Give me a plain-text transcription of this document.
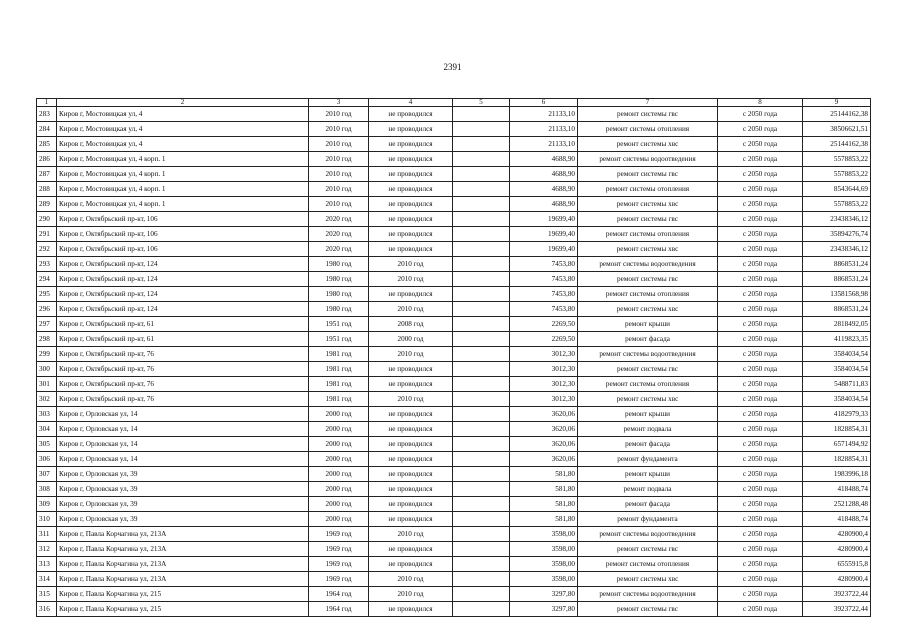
2391
1	2	3	4	5	6	7	8	9
283	Киров г, Мостовицкая ул, 4	2010 год	не проводился		21133,10	ремонт системы гвс	с 2050 года	25144162,38
284	Киров г, Мостовицкая ул, 4	2010 год	не проводился		21133,10	ремонт системы отопления	с 2050 года	38506621,51
285	Киров г, Мостовицкая ул, 4	2010 год	не проводился		21133,10	ремонт системы хвс	с 2050 года	25144162,38
286	Киров г, Мостовицкая ул, 4 корп. 1	2010 год	не проводился		4688,90	ремонт системы водоотведения	с 2050 года	5578853,22
287	Киров г, Мостовицкая ул, 4 корп. 1	2010 год	не проводился		4688,90	ремонт системы гвс	с 2050 года	5578853,22
288	Киров г, Мостовицкая ул, 4 корп. 1	2010 год	не проводился		4688,90	ремонт системы отопления	с 2050 года	8543644,69
289	Киров г, Мостовицкая ул, 4 корп. 1	2010 год	не проводился		4688,90	ремонт системы хвс	с 2050 года	5578853,22
290	Киров г, Октябрьский пр-кт, 106	2020 год	не проводился		19699,40	ремонт системы гвс	с 2050 года	23438346,12
291	Киров г, Октябрьский пр-кт, 106	2020 год	не проводился		19699,40	ремонт системы отопления	с 2050 года	35894276,74
292	Киров г, Октябрьский пр-кт, 106	2020 год	не проводился		19699,40	ремонт системы хвс	с 2050 года	23438346,12
293	Киров г, Октябрьский пр-кт, 124	1980 год	2010 год		7453,80	ремонт системы водоотведения	с 2050 года	8868531,24
294	Киров г, Октябрьский пр-кт, 124	1980 год	2010 год		7453,80	ремонт системы гвс	с 2050 года	8868531,24
295	Киров г, Октябрьский пр-кт, 124	1980 год	не проводился		7453,80	ремонт системы отопления	с 2050 года	13581568,98
296	Киров г, Октябрьский пр-кт, 124	1980 год	2010 год		7453,80	ремонт системы хвс	с 2050 года	8868531,24
297	Киров г, Октябрьский пр-кт, 61	1951 год	2008 год		2269,50	ремонт крыши	с 2050 года	2818492,05
298	Киров г, Октябрьский пр-кт, 61	1951 год	2000 год		2269,50	ремонт фасада	с 2050 года	4119823,35
299	Киров г, Октябрьский пр-кт, 76	1981 год	2010 год		3012,30	ремонт системы водоотведения	с 2050 года	3584034,54
300	Киров г, Октябрьский пр-кт, 76	1981 год	не проводился		3012,30	ремонт системы гвс	с 2050 года	3584034,54
301	Киров г, Октябрьский пр-кт, 76	1981 год	не проводился		3012,30	ремонт системы отопления	с 2050 года	5488711,83
302	Киров г, Октябрьский пр-кт, 76	1981 год	2010 год		3012,30	ремонт системы хвс	с 2050 года	3584034,54
303	Киров г, Орловская ул, 14	2000 год	не проводился		3620,06	ремонт крыши	с 2050 года	4182979,33
304	Киров г, Орловская ул, 14	2000 год	не проводился		3620,06	ремонт подвала	с 2050 года	1828854,31
305	Киров г, Орловская ул, 14	2000 год	не проводился		3620,06	ремонт фасада	с 2050 года	6571494,92
306	Киров г, Орловская ул, 14	2000 год	не проводился		3620,06	ремонт фундамента	с 2050 года	1828854,31
307	Киров г, Орловская ул, 39	2000 год	не проводился		581,80	ремонт крыши	с 2050 года	1983996,18
308	Киров г, Орловская ул, 39	2000 год	не проводился		581,80	ремонт подвала	с 2050 года	418488,74
309	Киров г, Орловская ул, 39	2000 год	не проводился		581,80	ремонт фасада	с 2050 года	2521288,48
310	Киров г, Орловская ул, 39	2000 год	не проводился		581,80	ремонт фундамента	с 2050 года	418488,74
311	Киров г, Павла Корчагина ул, 213А	1969 год	2010 год		3598,00	ремонт системы водоотведения	с 2050 года	4280900,4
312	Киров г, Павла Корчагина ул, 213А	1969 год	не проводился		3598,00	ремонт системы гвс	с 2050 года	4280900,4
313	Киров г, Павла Корчагина ул, 213А	1969 год	не проводился		3598,00	ремонт системы отопления	с 2050 года	6555915,8
314	Киров г, Павла Корчагина ул, 213А	1969 год	2010 год		3598,00	ремонт системы хвс	с 2050 года	4280900,4
315	Киров г, Павла Корчагина ул, 215	1964 год	2010 год		3297,80	ремонт системы водоотведения	с 2050 года	3923722,44
316	Киров г, Павла Корчагина ул, 215	1964 год	не проводился		3297,80	ремонт системы гвс	с 2050 года	3923722,44
